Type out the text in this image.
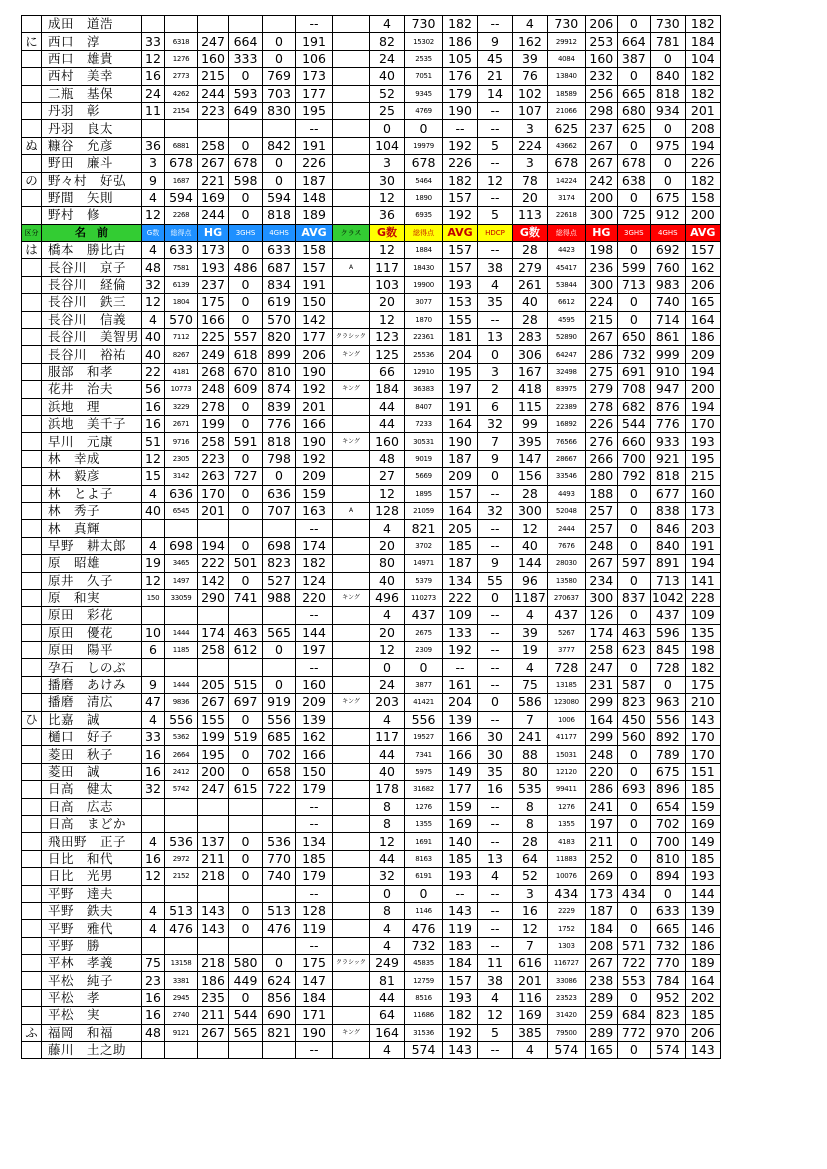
	成田　道浩						--		4	730	182	--	4	730	206	0	730	182
に	西口　淳	33	6318	247	664	0	191		82	15302	186	9	162	29912	253	664	781	184
	西口　雄貴	12	1276	160	333	0	106		24	2535	105	45	39	4084	160	387	0	104
	西村　美幸	16	2773	215	0	769	173		40	7051	176	21	76	13840	232	0	840	182
	二瓶　基保	24	4262	244	593	703	177		52	9345	179	14	102	18589	256	665	818	182
	丹羽　彰	11	2154	223	649	830	195		25	4769	190	--	107	21066	298	680	934	201
	丹羽　良太						--		0	0	--	--	3	625	237	625	0	208
ぬ	糠谷　允彦	36	6881	258	0	842	191		104	19979	192	5	224	43662	267	0	975	194
	野田　廉斗	3	678	267	678	0	226		3	678	226	--	3	678	267	678	0	226
の	野々村　好弘	9	1687	221	598	0	187		30	5464	182	12	78	14224	242	638	0	182
	野間　矢則	4	594	169	0	594	148		12	1890	157	--	20	3174	200	0	675	158
	野村　修	12	2268	244	0	818	189		36	6935	192	5	113	22618	300	725	912	200
区分	名　前	G数	総得点	HG	3GHS	4GHS	AVG	クラス	G数	総得点	AVG	HDCP	G数	総得点	HG	3GHS	4GHS	AVG
は	橋本　勝比古	4	633	173	0	633	158		12	1884	157	--	28	4423	198	0	692	157
	長谷川　京子	48	7581	193	486	687	157	A	117	18430	157	38	279	45417	236	599	760	162
	長谷川　経倫	32	6139	237	0	834	191		103	19900	193	4	261	53844	300	713	983	206
	長谷川　鉄三	12	1804	175	0	619	150		20	3077	153	35	40	6612	224	0	740	165
	長谷川　信義	4	570	166	0	570	142		12	1870	155	--	28	4595	215	0	714	164
	長谷川　美智男	40	7112	225	557	820	177	クラシック	123	22361	181	13	283	52890	267	650	861	186
	長谷川　裕祐	40	8267	249	618	899	206	キング	125	25536	204	0	306	64247	286	732	999	209
	服部　和孝	22	4181	268	670	810	190		66	12910	195	3	167	32498	275	691	910	194
	花井　治夫	56	10773	248	609	874	192	キング	184	36383	197	2	418	83975	279	708	947	200
	浜地　理	16	3229	278	0	839	201		44	8407	191	6	115	22389	278	682	876	194
	浜地　美千子	16	2671	199	0	776	166		44	7233	164	32	99	16892	226	544	776	170
	早川　元康	51	9716	258	591	818	190	キング	160	30531	190	7	395	76566	276	660	933	193
	林　幸成	12	2305	223	0	798	192		48	9019	187	9	147	28667	266	700	921	195
	林　毅彦	15	3142	263	727	0	209		27	5669	209	0	156	33546	280	792	818	215
	林　とよ子	4	636	170	0	636	159		12	1895	157	--	28	4493	188	0	677	160
	林　秀子	40	6545	201	0	707	163	A	128	21059	164	32	300	52048	257	0	838	173
	林　真輝						--		4	821	205	--	12	2444	257	0	846	203
	早野　耕太郎	4	698	194	0	698	174		20	3702	185	--	40	7676	248	0	840	191
	原　昭雄	19	3465	222	501	823	182		80	14971	187	9	144	28030	267	597	891	194
	原井　久子	12	1497	142	0	527	124		40	5379	134	55	96	13580	234	0	713	141
	原　和実	150	33059	290	741	988	220	キング	496	110273	222	0	1187	270637	300	837	1042	228
	原田　彩花						--		4	437	109	--	4	437	126	0	437	109
	原田　優花	10	1444	174	463	565	144		20	2675	133	--	39	5267	174	463	596	135
	原田　陽平	6	1185	258	612	0	197		12	2309	192	--	19	3777	258	623	845	198
	孕石　しのぶ						--		0	0	--	--	4	728	247	0	728	182
	播磨　あけみ	9	1444	205	515	0	160		24	3877	161	--	75	13185	231	587	0	175
	播磨　清広	47	9836	267	697	919	209	キング	203	41421	204	0	586	123080	299	823	963	210
ひ	比嘉　誠	4	556	155	0	556	139		4	556	139	--	7	1006	164	450	556	143
	樋口　好子	33	5362	199	519	685	162		117	19527	166	30	241	41177	299	560	892	170
	菱田　秋子	16	2664	195	0	702	166		44	7341	166	30	88	15031	248	0	789	170
	菱田　誠	16	2412	200	0	658	150		40	5975	149	35	80	12120	220	0	675	151
	日高　健太	32	5742	247	615	722	179		178	31682	177	16	535	99411	286	693	896	185
	日高　広志						--		8	1276	159	--	8	1276	241	0	654	159
	日高　まどか						--		8	1355	169	--	8	1355	197	0	702	169
	飛田野　正子	4	536	137	0	536	134		12	1691	140	--	28	4183	211	0	700	149
	日比　和代	16	2972	211	0	770	185		44	8163	185	13	64	11883	252	0	810	185
	日比　光男	12	2152	218	0	740	179		32	6191	193	4	52	10076	269	0	894	193
	平野　達夫						--		0	0	--	--	3	434	173	434	0	144
	平野　鉄夫	4	513	143	0	513	128		8	1146	143	--	16	2229	187	0	633	139
	平野　雅代	4	476	143	0	476	119		4	476	119	--	12	1752	184	0	665	146
	平野　勝						--		4	732	183	--	7	1303	208	571	732	186
	平林　孝義	75	13158	218	580	0	175	クラシック	249	45835	184	11	616	116727	267	722	770	189
	平松　純子	23	3381	186	449	624	147		81	12759	157	38	201	33086	238	553	784	164
	平松　孝	16	2945	235	0	856	184		44	8516	193	4	116	23523	289	0	952	202
	平松　実	16	2740	211	544	690	171		64	11686	182	12	169	31420	259	684	823	185
ふ	福岡　和福	48	9121	267	565	821	190	キング	164	31536	192	5	385	79500	289	772	970	206
	藤川　土之助						--		4	574	143	--	4	574	165	0	574	143
